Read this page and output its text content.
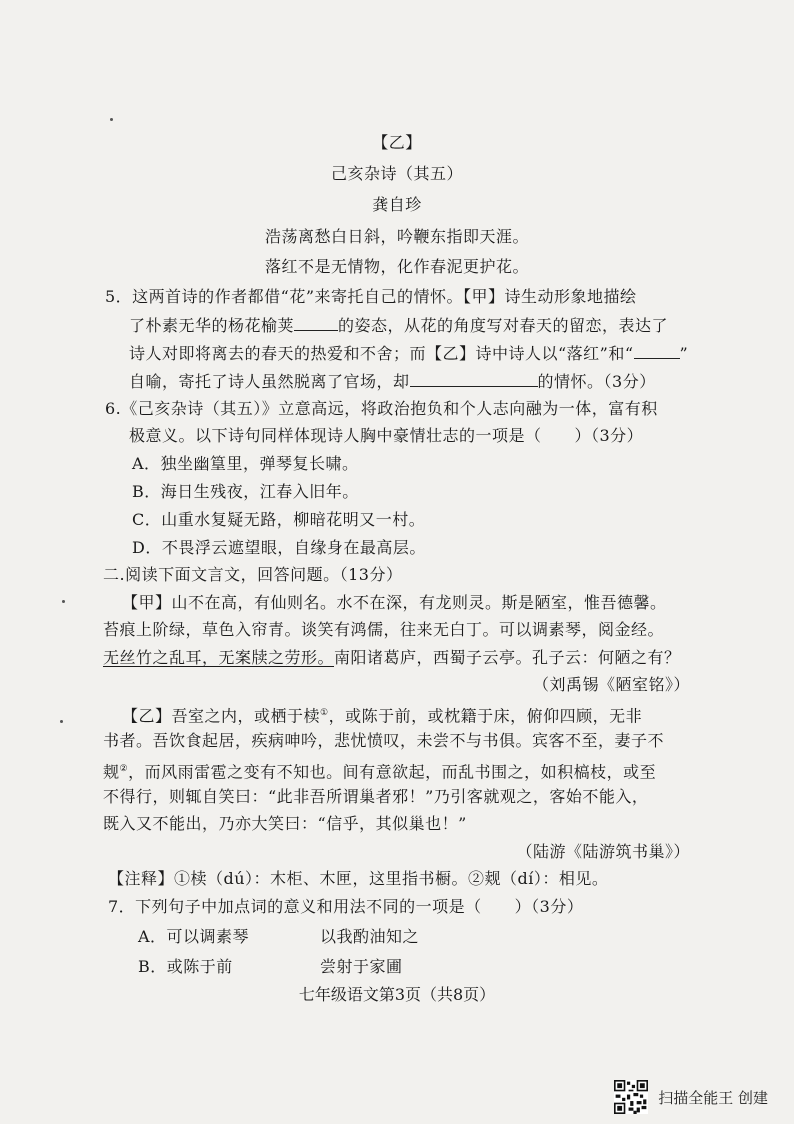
【乙】
己亥杂诗（其五）
龚自珍
浩荡离愁白日斜，吟鞭东指即天涯。
落红不是无情物，化作春泥更护花。
5．这两首诗的作者都借“花”来寄托自己的情怀。【甲】诗生动形象地描绘
了朴素无华的杨花榆荚	的姿态，从花的角度写对春天的留恋，表达了
诗人对即将离去的春天的热爱和不舍；而【乙】诗中诗人以“落红”和“	”
自喻，寄托了诗人虽然脱离了官场，却	的情怀。（3分）
6.《己亥杂诗（其五）》立意高远，将政治抱负和个人志向融为一体，富有积
极意义。以下诗句同样体现诗人胸中豪情壮志的一项是（　　）（3分）
A．独坐幽篁里，弹琴复长啸。
B．海日生残夜，江春入旧年。
C．山重水复疑无路，柳暗花明又一村。
D．不畏浮云遮望眼，自缘身在最高层。
二.阅读下面文言文，回答问题。（13分）
【甲】山不在高，有仙则名。水不在深，有龙则灵。斯是陋室，惟吾德馨。
苔痕上阶绿，草色入帘青。谈笑有鸿儒，往来无白丁。可以调素琴，阅金经。
无丝竹之乱耳，无案牍之劳形。南阳诸葛庐，西蜀子云亭。孔子云：何陋之有？
（刘禹锡《陋室铭》）
【乙】吾室之内，或栖于椟①，或陈于前，或枕籍于床，俯仰四顾，无非
书者。吾饮食起居，疾病呻吟，悲忧愤叹，未尝不与书俱。宾客不至，妻子不
觌②，而风雨雷雹之变有不知也。间有意欲起，而乱书围之，如积槁枝，或至
不得行，则辄自笑曰：“此非吾所谓巢者邪！”乃引客就观之，客始不能入，
既入又不能出，乃亦大笑曰：“信乎，其似巢也！”
（陆游《陆游筑书巢》）
【注释】①椟（dú）：木柜、木匣，这里指书橱。②觌（dí）：相见。
7．下列句子中加点词的意义和用法不同的一项是（　　）（3分）
A．可以调素琴	以我酌油知之
B．或陈于前	尝射于家圃
七年级语文第3页（共8页）
扫描全能王 创建
